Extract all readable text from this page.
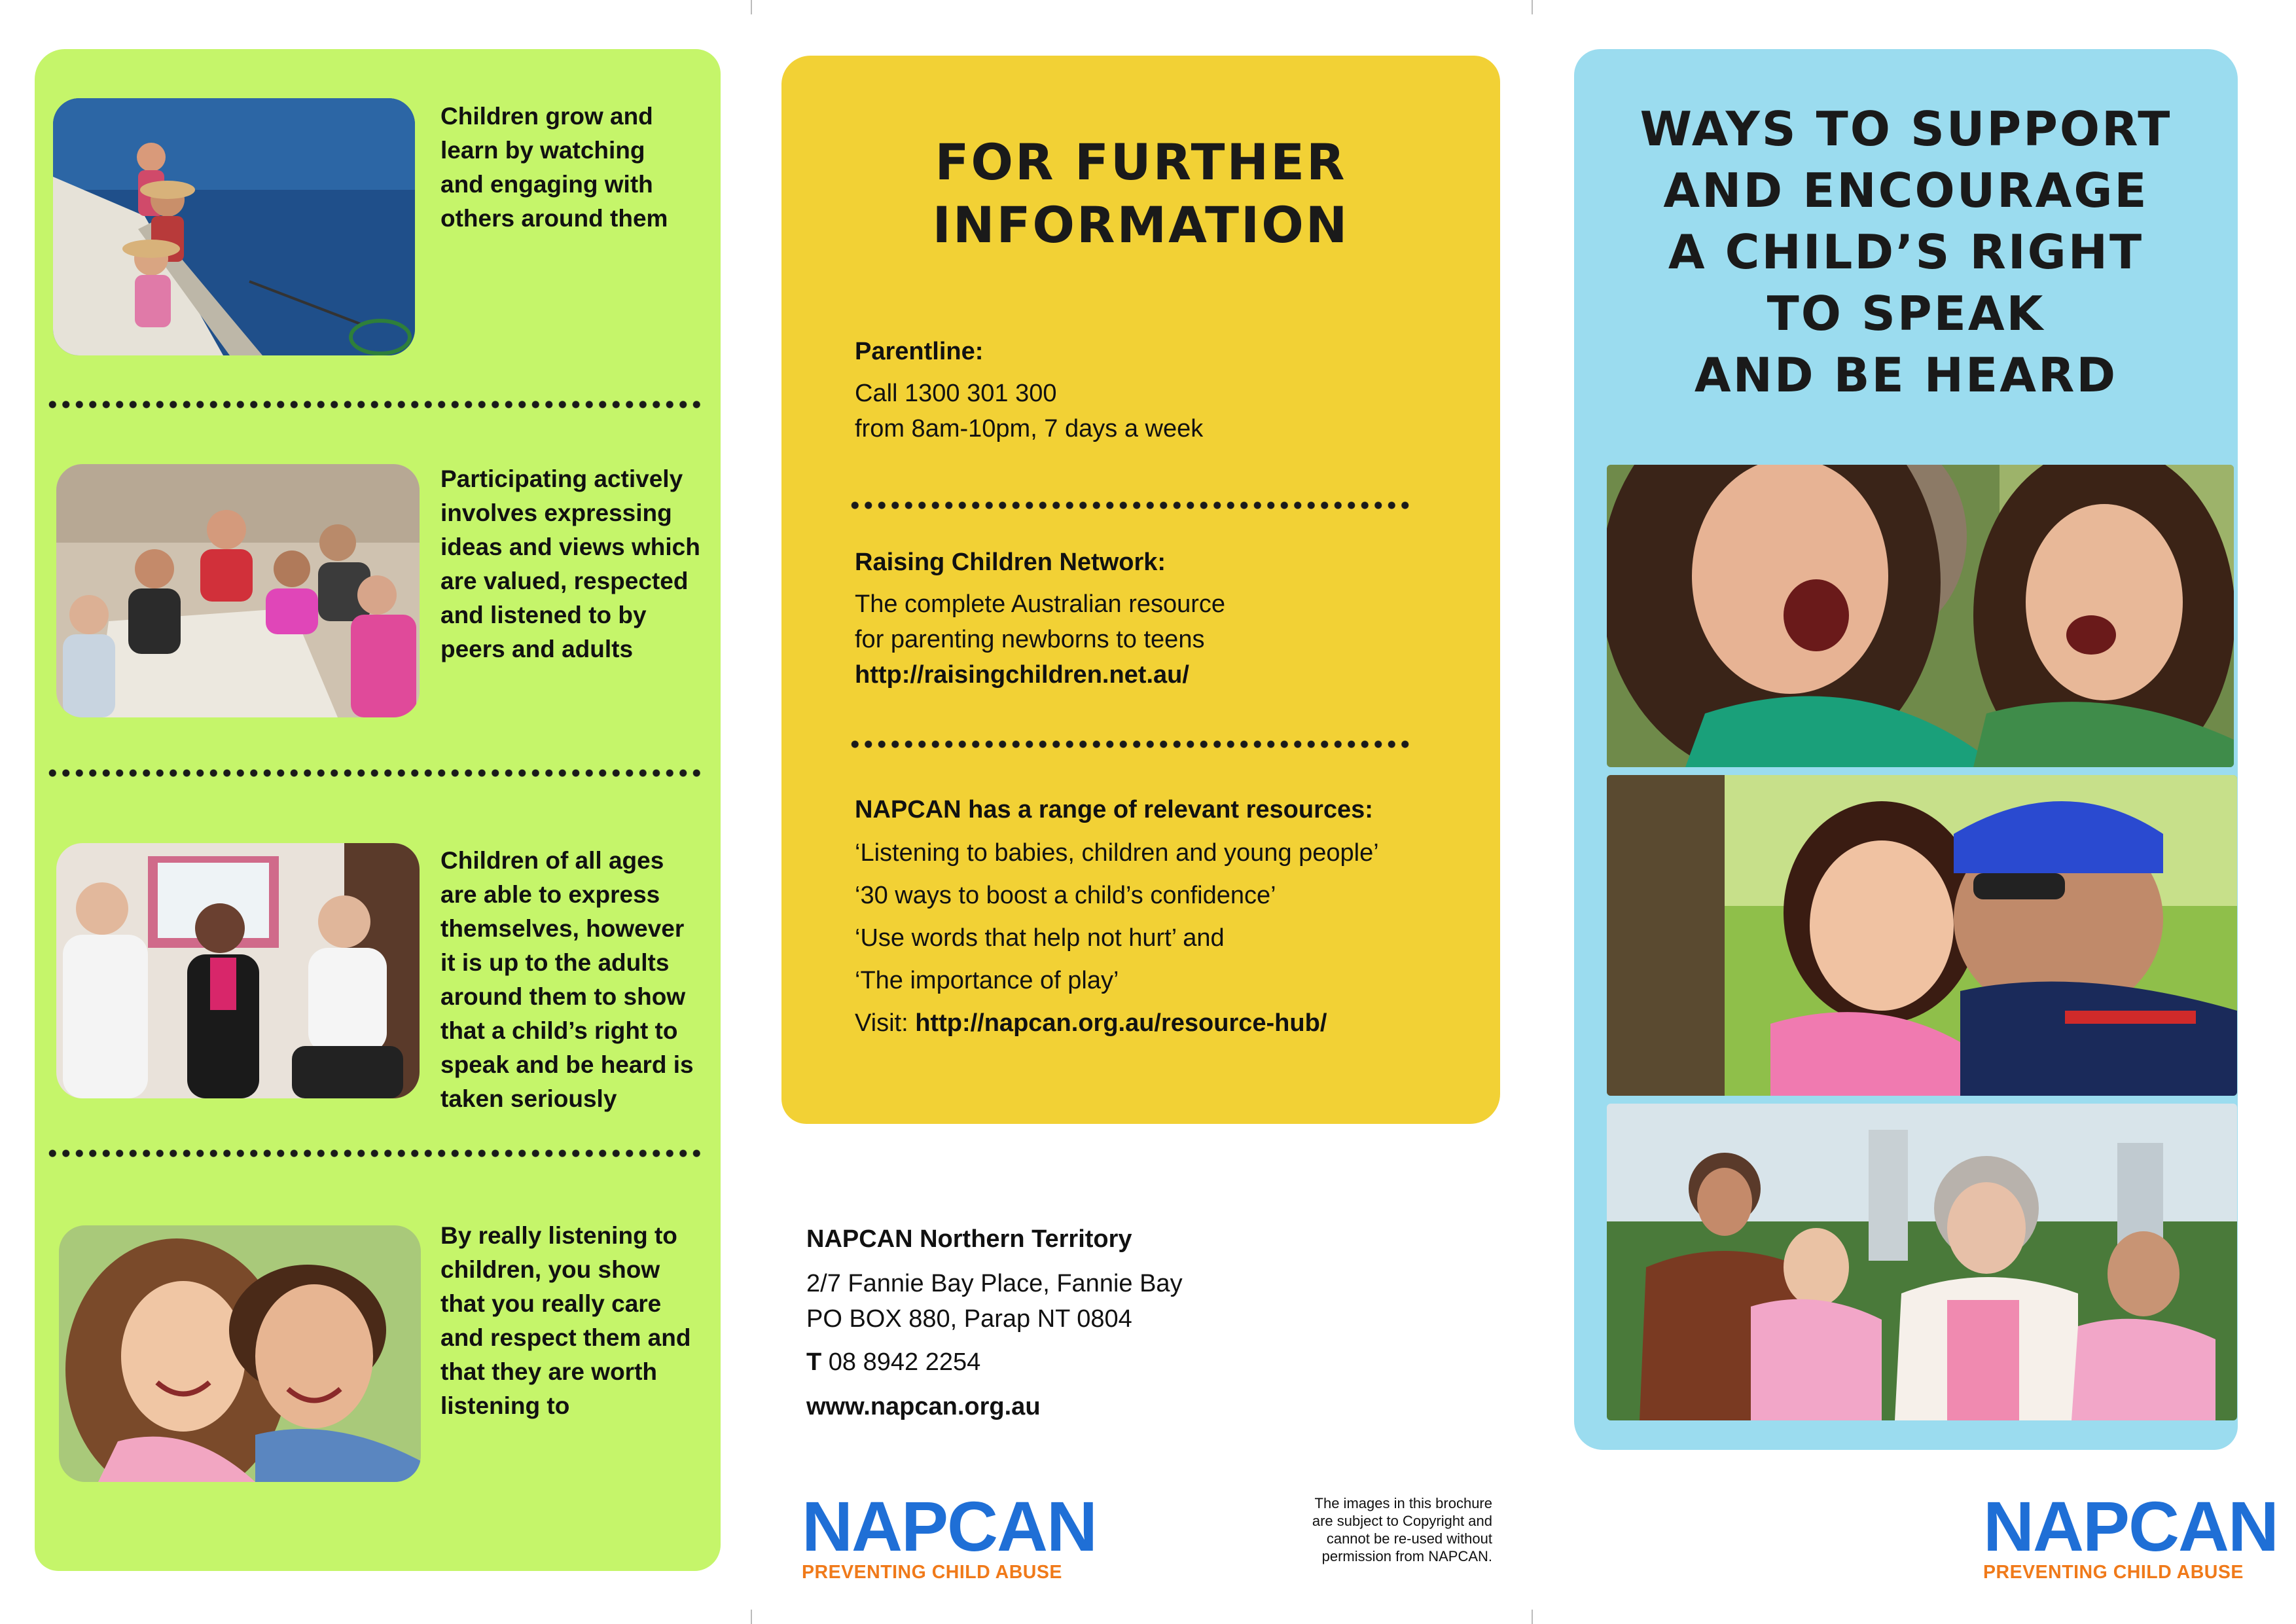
Children grow and
learn by watching
and engaging with
others around them
Participating actively
involves expressing
ideas and views which
are valued, respected
and listened to by
peers and adults
Children of all ages
are able to express
themselves, however
it is up to the adults
around them to show
that a child’s right to
speak and be heard is
taken seriously
By really listening to
children, you show
that you really care
and respect them and
that they are worth
listening to
FOR FURTHER
INFORMATION
Parentline:
Call 1300 301 300
from 8am-10pm, 7 days a week
Raising Children Network:
The complete Australian resource
for parenting newborns to teens
http://raisingchildren.net.au/
NAPCAN has a range of relevant resources:
‘Listening to babies, children and young people’
‘30 ways to boost a child’s confidence’
‘Use words that help not hurt’ and
‘The importance of play’
Visit: http://napcan.org.au/resource-hub/
NAPCAN Northern Territory
2/7 Fannie Bay Place, Fannie Bay
PO BOX 880, Parap NT 0804
T 08 8942 2254
www.napcan.org.au
NAPCAN
PREVENTING CHILD ABUSE
The images in this brochure
are subject to Copyright and
cannot be re-used without
permission from NAPCAN.
WAYS TO SUPPORT
AND ENCOURAGE
A CHILD’S RIGHT
TO SPEAK
AND BE HEARD
NAPCAN
PREVENTING CHILD ABUSE
